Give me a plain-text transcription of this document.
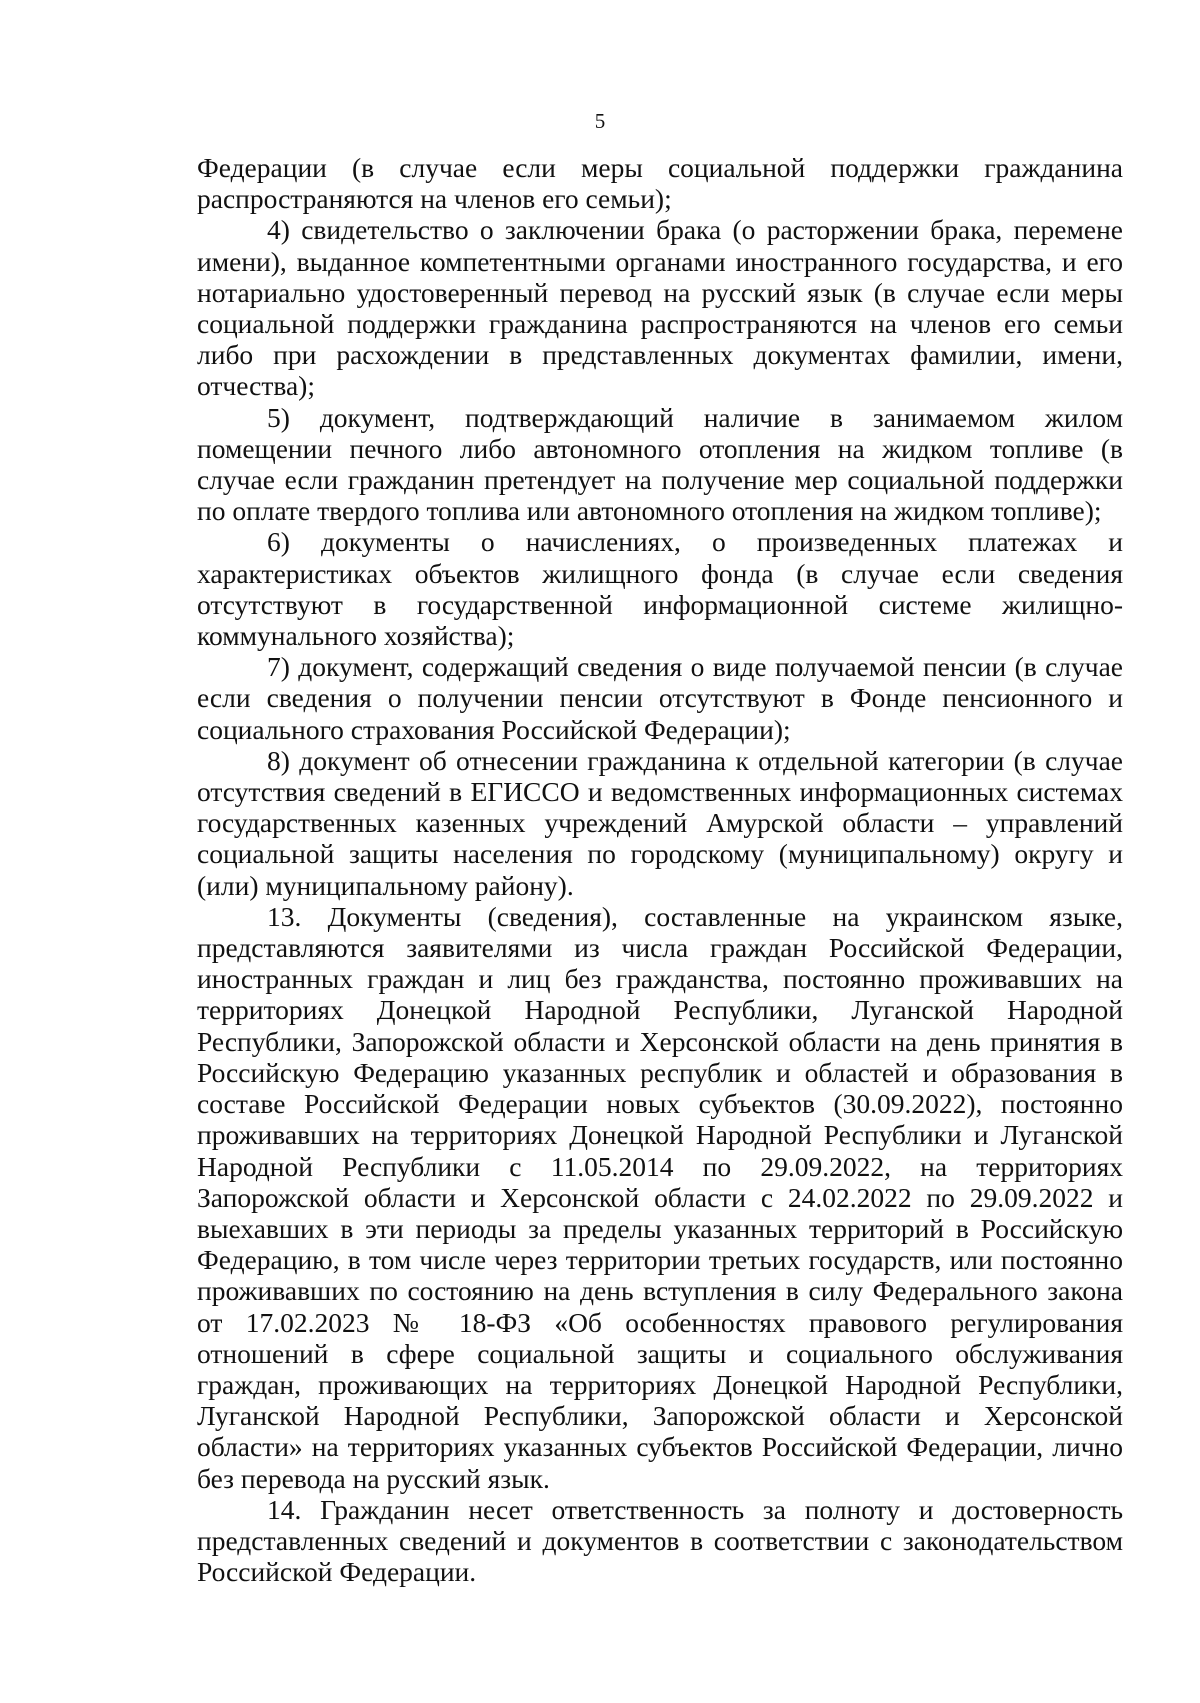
5

Федерации (в случае если меры социальной поддержки гражданина распространяются на членов его семьи);

4) свидетельство о заключении брака (о расторжении брака, перемене имени), выданное компетентными органами иностранного государства, и его нотариально удостоверенный перевод на русский язык (в случае если меры социальной поддержки гражданина распространяются на членов его семьи либо при расхождении в представленных документах фамилии, имени, отчества);

5) документ, подтверждающий наличие в занимаемом жилом помещении печного либо автономного отопления на жидком топливе (в случае если гражданин претендует на получение мер социальной поддержки по оплате твердого топлива или автономного отопления на жидком топливе);

6) документы о начислениях, о произведенных платежах и характеристиках объектов жилищного фонда (в случае если сведения отсутствуют в государственной информационной системе жилищно-коммунального хозяйства);

7) документ, содержащий сведения о виде получаемой пенсии (в случае если сведения о получении пенсии отсутствуют в Фонде пенсионного и социального страхования Российской Федерации);

8) документ об отнесении гражданина к отдельной категории (в случае отсутствия сведений в ЕГИССО и ведомственных информационных системах государственных казенных учреждений Амурской области – управлений социальной защиты населения по городскому (муниципальному) округу и (или) муниципальному району).

13. Документы (сведения), составленные на украинском языке, представляются заявителями из числа граждан Российской Федерации, иностранных граждан и лиц без гражданства, постоянно проживавших на территориях Донецкой Народной Республики, Луганской Народной Республики, Запорожской области и Херсонской области на день принятия в Российскую Федерацию указанных республик и областей и образования в составе Российской Федерации новых субъектов (30.09.2022), постоянно проживавших на территориях Донецкой Народной Республики и Луганской Народной Республики с 11.05.2014 по 29.09.2022, на территориях Запорожской области и Херсонской области с 24.02.2022 по 29.09.2022 и выехавших в эти периоды за пределы указанных территорий в Российскую Федерацию, в том числе через территории третьих государств, или постоянно проживавших по состоянию на день вступления в силу Федерального закона от 17.02.2023 № 18-ФЗ «Об особенностях правового регулирования отношений в сфере социальной защиты и социального обслуживания граждан, проживающих на территориях Донецкой Народной Республики, Луганской Народной Республики, Запорожской области и Херсонской области» на территориях указанных субъектов Российской Федерации, лично без перевода на русский язык.

14. Гражданин несет ответственность за полноту и достоверность представленных сведений и документов в соответствии с законодательством Российской Федерации.
